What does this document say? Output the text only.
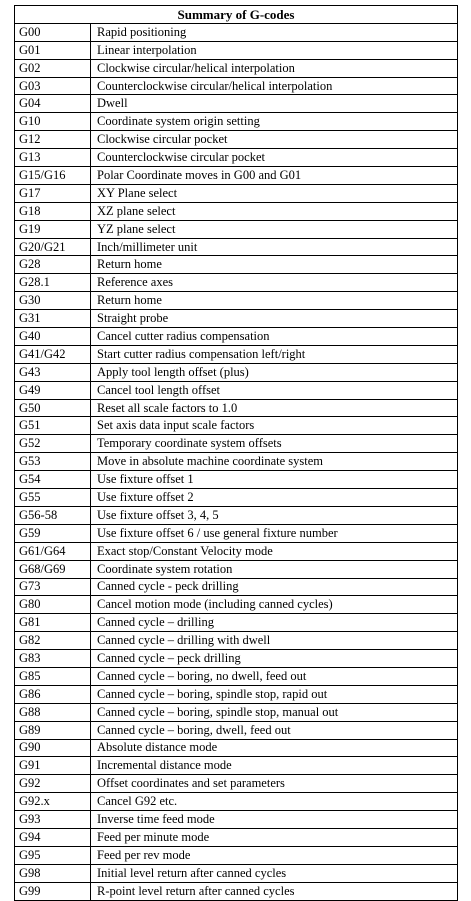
Summary of G-codes	
G00	Rapid positioning
G01	Linear interpolation
G02	Clockwise circular/helical interpolation
G03	Counterclockwise circular/helical interpolation
G04	Dwell
G10	Coordinate system origin setting
G12	Clockwise circular pocket
G13	Counterclockwise circular pocket
G15/G16	Polar Coordinate moves in G00 and G01
G17	XY Plane select
G18	XZ plane select
G19	YZ plane select
G20/G21	Inch/millimeter unit
G28	Return home
G28.1	Reference axes
G30	Return home
G31	Straight probe
G40	Cancel cutter radius compensation
G41/G42	Start cutter radius compensation left/right
G43	Apply tool length offset (plus)
G49	Cancel tool length offset
G50	Reset all scale factors to 1.0
G51	Set axis data input scale factors
G52	Temporary coordinate system offsets
G53	Move in absolute machine coordinate system
G54	Use fixture offset 1
G55	Use fixture offset 2
G56-58	Use fixture offset 3, 4, 5
G59	Use fixture offset 6 / use general fixture number
G61/G64	Exact stop/Constant Velocity mode
G68/G69	Coordinate system rotation
G73	Canned cycle - peck drilling
G80	Cancel motion mode (including canned cycles)
G81	Canned cycle – drilling
G82	Canned cycle – drilling with dwell
G83	Canned cycle – peck drilling
G85	Canned cycle – boring, no dwell, feed out
G86	Canned cycle – boring, spindle stop, rapid out
G88	Canned cycle – boring, spindle stop, manual out
G89	Canned cycle – boring, dwell, feed out
G90	Absolute distance mode
G91	Incremental distance mode
G92	Offset coordinates and set parameters
G92.x	Cancel G92 etc.
G93	Inverse time feed mode
G94	Feed per minute mode
G95	Feed per rev mode
G98	Initial level return after canned cycles
G99	R-point level return after canned cycles
